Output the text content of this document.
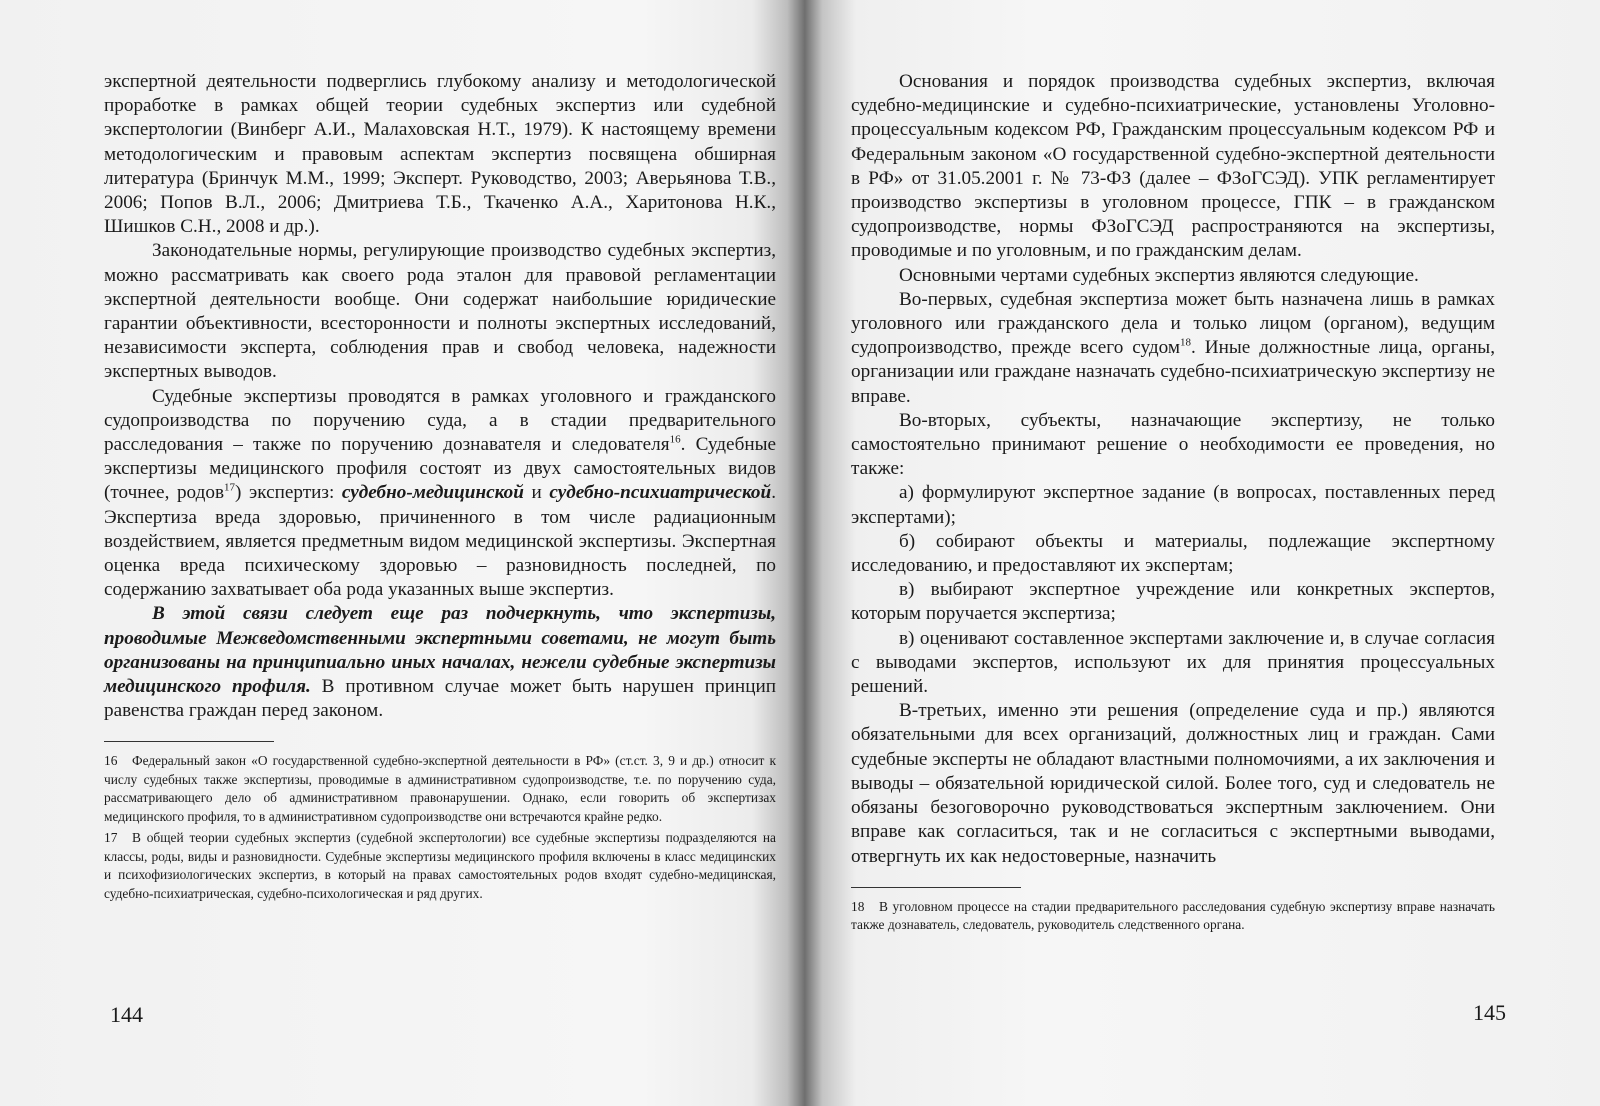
экспертной деятельности подверглись глубокому анализу и методологической проработке в рамках общей теории судебных экспертиз или судебной экспертологии (Винберг А.И., Малаховская Н.Т., 1979). К настоящему времени методологическим и правовым аспектам экспертиз посвящена обширная литература (Бринчук М.М., 1999; Эксперт. Руководство, 2003; Аверьянова Т.В., 2006; Попов В.Л., 2006; Дмитриева Т.Б., Ткаченко А.А., Харитонова Н.К., Шишков С.Н., 2008 и др.).

Законодательные нормы, регулирующие производство судебных экспертиз, можно рассматривать как своего рода эталон для правовой регламентации экспертной деятельности вообще. Они содержат наибольшие юридические гарантии объективности, всесторонности и полноты экспертных исследований, независимости эксперта, соблюдения прав и свобод человека, надежности экспертных выводов.

Судебные экспертизы проводятся в рамках уголовного и гражданского судопроизводства по поручению суда, а в стадии предварительного расследования – также по поручению дознавателя и следователя$^{16}$. Судебные экспертизы медицинского профиля состоят из двух самостоятельных видов (точнее, родов$^{17}$) экспертиз: судебно-медицинской и судебно-психиатрической. Экспертиза вреда здоровью, причиненного в том числе радиационным воздействием, является предметным видом медицинской экспертизы. Экспертная оценка вреда психическому здоровью – разновидность последней, по содержанию захватывает оба рода указанных выше экспертиз.

В этой связи следует еще раз подчеркнуть, что экспертизы, проводимые Межведомственными экспертными советами, не могут быть организованы на принципиально иных началах, нежели судебные экспертизы медицинского профиля. В противном случае может быть нарушен принцип равенства граждан перед законом.

16 Федеральный закон «О государственной судебно-экспертной деятельности в РФ» (ст.ст. 3, 9 и др.) относит к числу судебных также экспертизы, проводимые в административном судопроизводстве, т.е. по поручению суда, рассматривающего дело об административном правонарушении. Однако, если говорить об экспертизах медицинского профиля, то в административном судопроизводстве они встречаются крайне редко.

17 В общей теории судебных экспертиз (судебной экспертологии) все судебные экспертизы подразделяются на классы, роды, виды и разновидности. Судебные экспертизы медицинского профиля включены в класс медицинских и психофизиологических экспертиз, в который на правах самостоятельных родов входят судебно-медицинская, судебно-психиатрическая, судебно-психологическая и ряд других.

144

Основания и порядок производства судебных экспертиз, включая судебно-медицинские и судебно-психиатрические, установлены Уголовно-процессуальным кодексом РФ, Гражданским процессуальным кодексом РФ и Федеральным законом «О государственной судебно-экспертной деятельности в РФ» от 31.05.2001 г. № 73-ФЗ (далее – ФЗоГСЭД). УПК регламентирует производство экспертизы в уголовном процессе, ГПК – в гражданском судопроизводстве, нормы ФЗоГСЭД распространяются на экспертизы, проводимые и по уголовным, и по гражданским делам.

Основными чертами судебных экспертиз являются следующие.

Во-первых, судебная экспертиза может быть назначена лишь в рамках уголовного или гражданского дела и только лицом (органом), ведущим судопроизводство, прежде всего судом$^{18}$. Иные должностные лица, органы, организации или граждане назначать судебно-психиатрическую экспертизу не вправе.

Во-вторых, субъекты, назначающие экспертизу, не только самостоятельно принимают решение о необходимости ее проведения, но также:

а) формулируют экспертное задание (в вопросах, поставленных перед экспертами);

б) собирают объекты и материалы, подлежащие экспертному исследованию, и предоставляют их экспертам;

в) выбирают экспертное учреждение или конкретных экспертов, которым поручается экспертиза;

в) оценивают составленное экспертами заключение и, в случае согласия с выводами экспертов, используют их для принятия процессуальных решений.

В-третьих, именно эти решения (определение суда и пр.) являются обязательными для всех организаций, должностных лиц и граждан. Сами судебные эксперты не обладают властными полномочиями, а их заключения и выводы – обязательной юридической силой. Более того, суд и следователь не обязаны безоговорочно руководствоваться экспертным заключением. Они вправе как согласиться, так и не согласиться с экспертными выводами, отвергнуть их как недостоверные, назначить

18 В уголовном процессе на стадии предварительного расследования судебную экспертизу вправе назначать также дознаватель, следователь, руководитель следственного органа.

145
